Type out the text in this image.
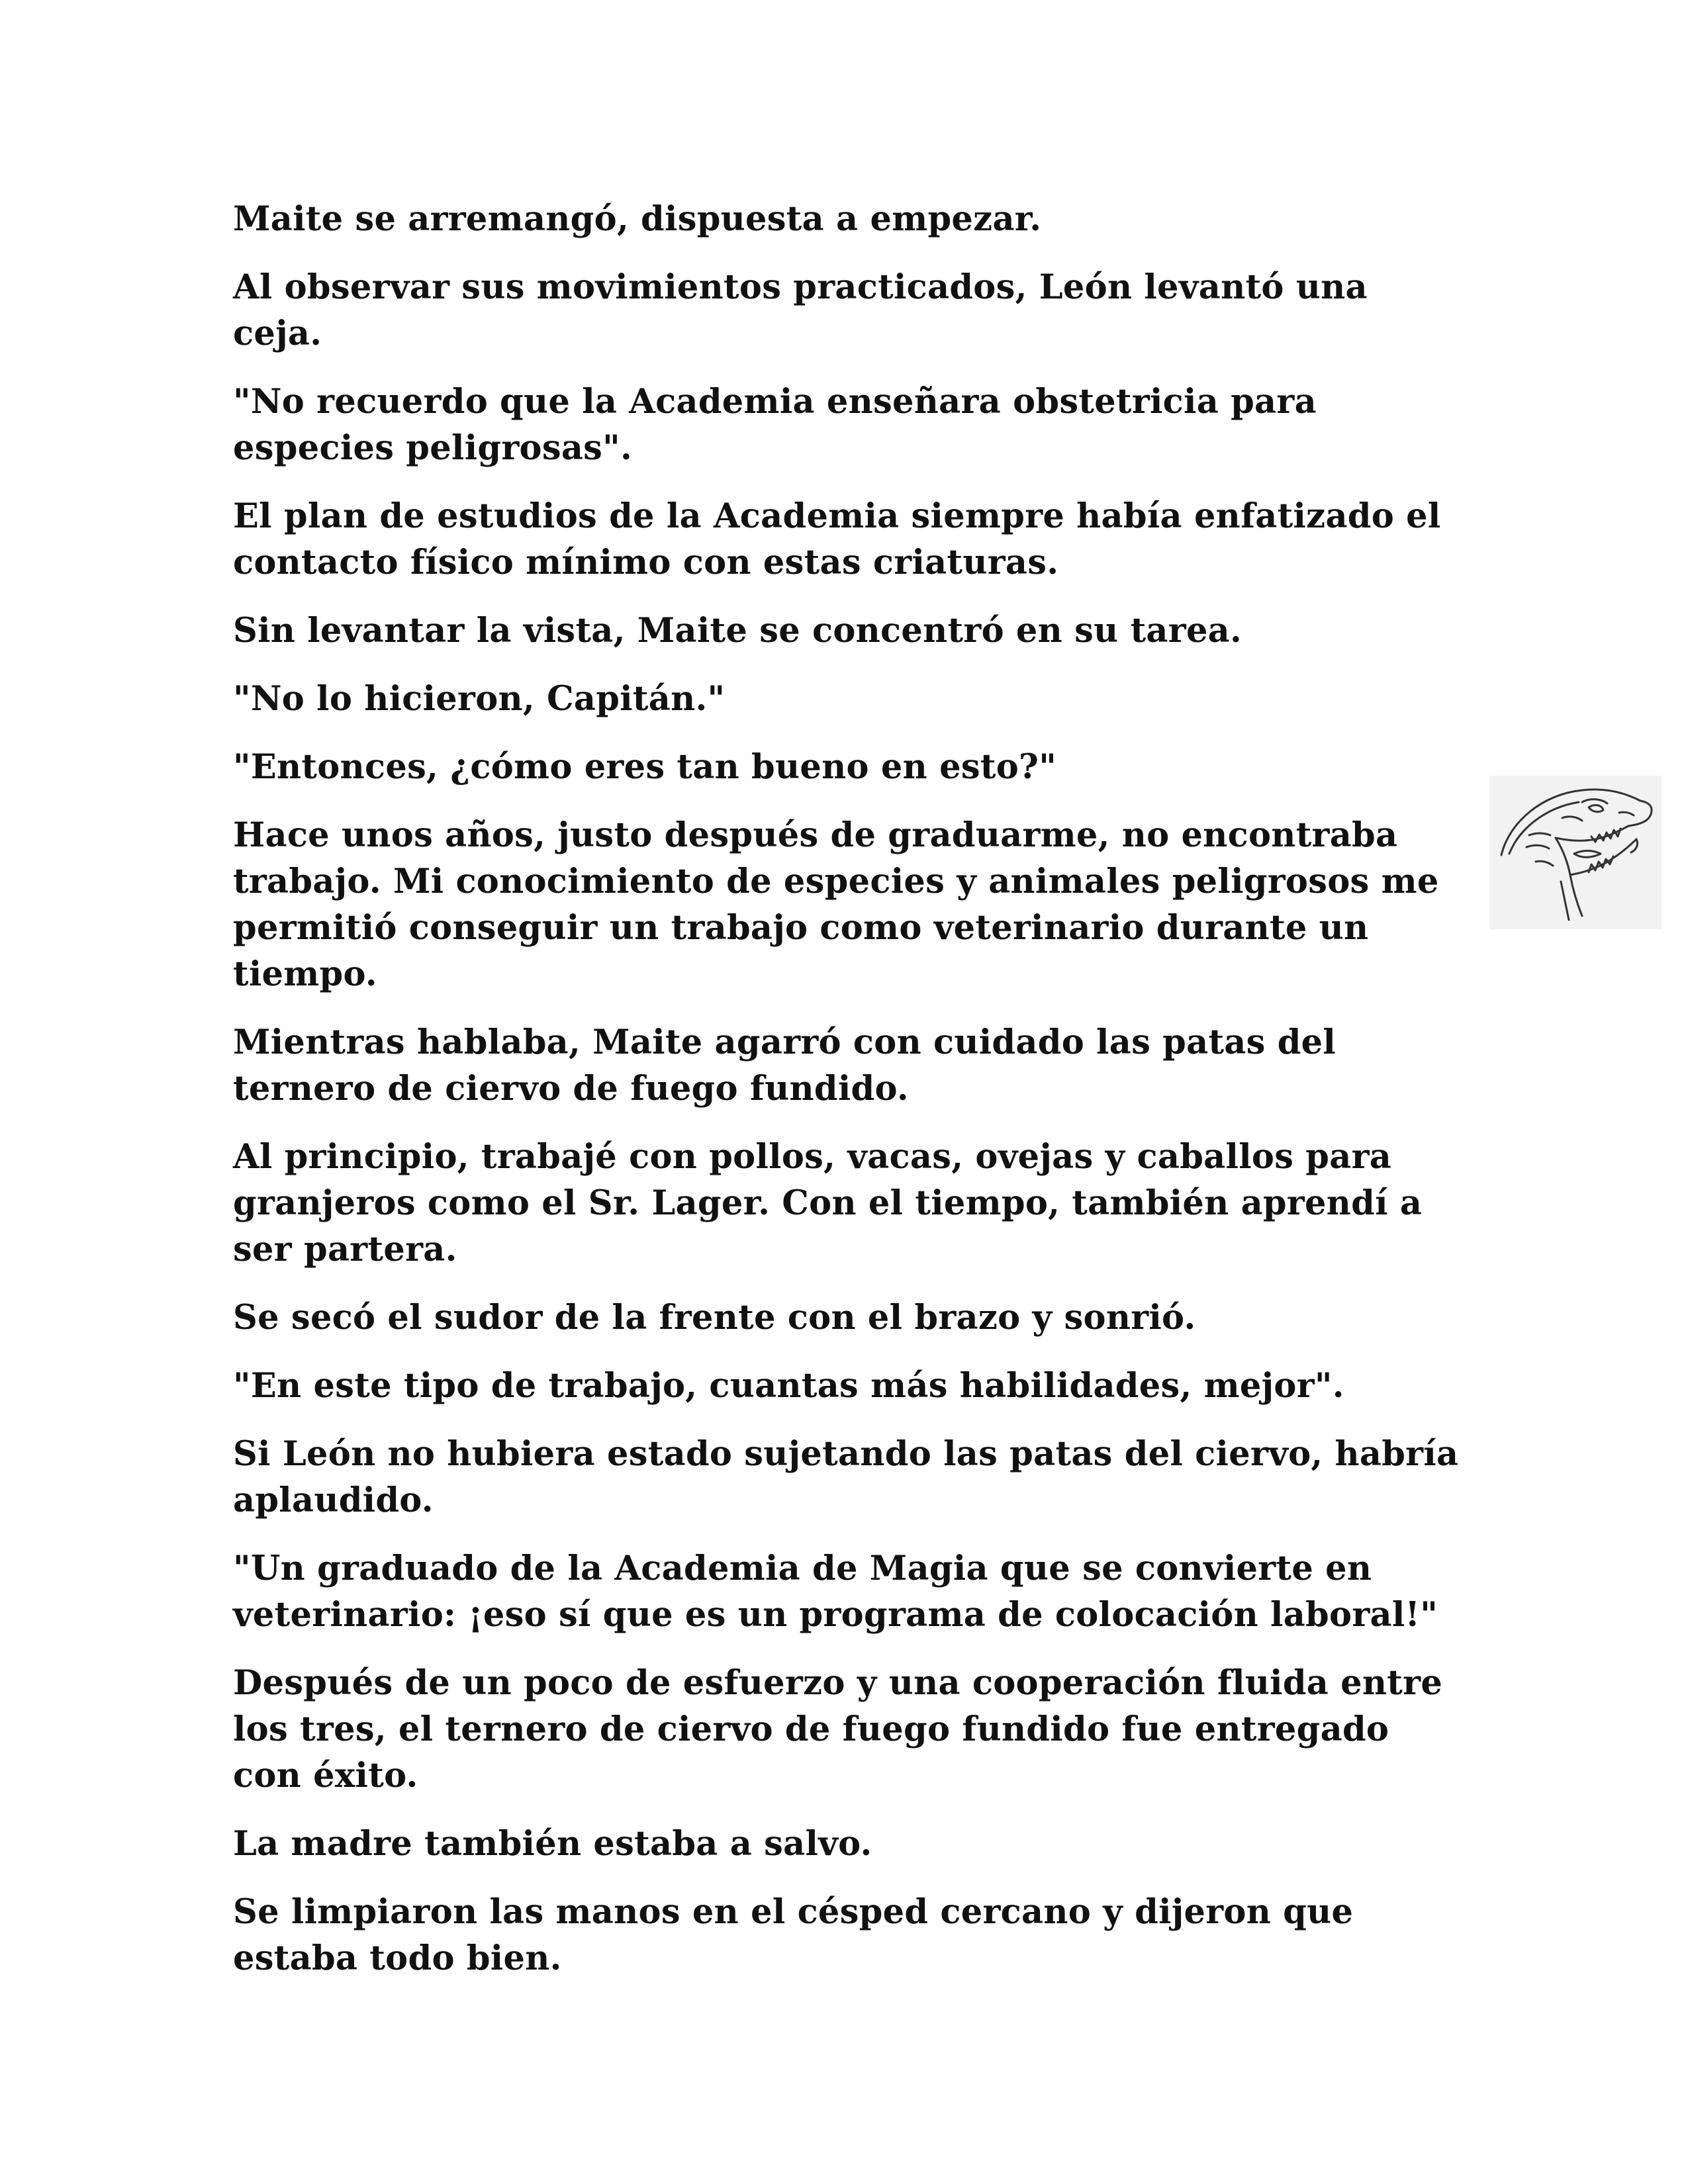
Maite se arremangó, dispuesta a empezar.

Al observar sus movimientos practicados, León levantó una ceja.

"No recuerdo que la Academia enseñara obstetricia para especies peligrosas".

El plan de estudios de la Academia siempre había enfatizado el contacto físico mínimo con estas criaturas.

Sin levantar la vista, Maite se concentró en su tarea.

"No lo hicieron, Capitán."

"Entonces, ¿cómo eres tan bueno en esto?"

Hace unos años, justo después de graduarme, no encontraba trabajo. Mi conocimiento de especies y animales peligrosos me permitió conseguir un trabajo como veterinario durante un tiempo.

Mientras hablaba, Maite agarró con cuidado las patas del ternero de ciervo de fuego fundido.

Al principio, trabajé con pollos, vacas, ovejas y caballos para granjeros como el Sr. Lager. Con el tiempo, también aprendí a ser partera.

Se secó el sudor de la frente con el brazo y sonrió.

"En este tipo de trabajo, cuantas más habilidades, mejor".

Si León no hubiera estado sujetando las patas del ciervo, habría aplaudido.

"Un graduado de la Academia de Magia que se convierte en veterinario: ¡eso sí que es un programa de colocación laboral!"

Después de un poco de esfuerzo y una cooperación fluida entre los tres, el ternero de ciervo de fuego fundido fue entregado con éxito.

La madre también estaba a salvo.

Se limpiaron las manos en el césped cercano y dijeron que estaba todo bien.
